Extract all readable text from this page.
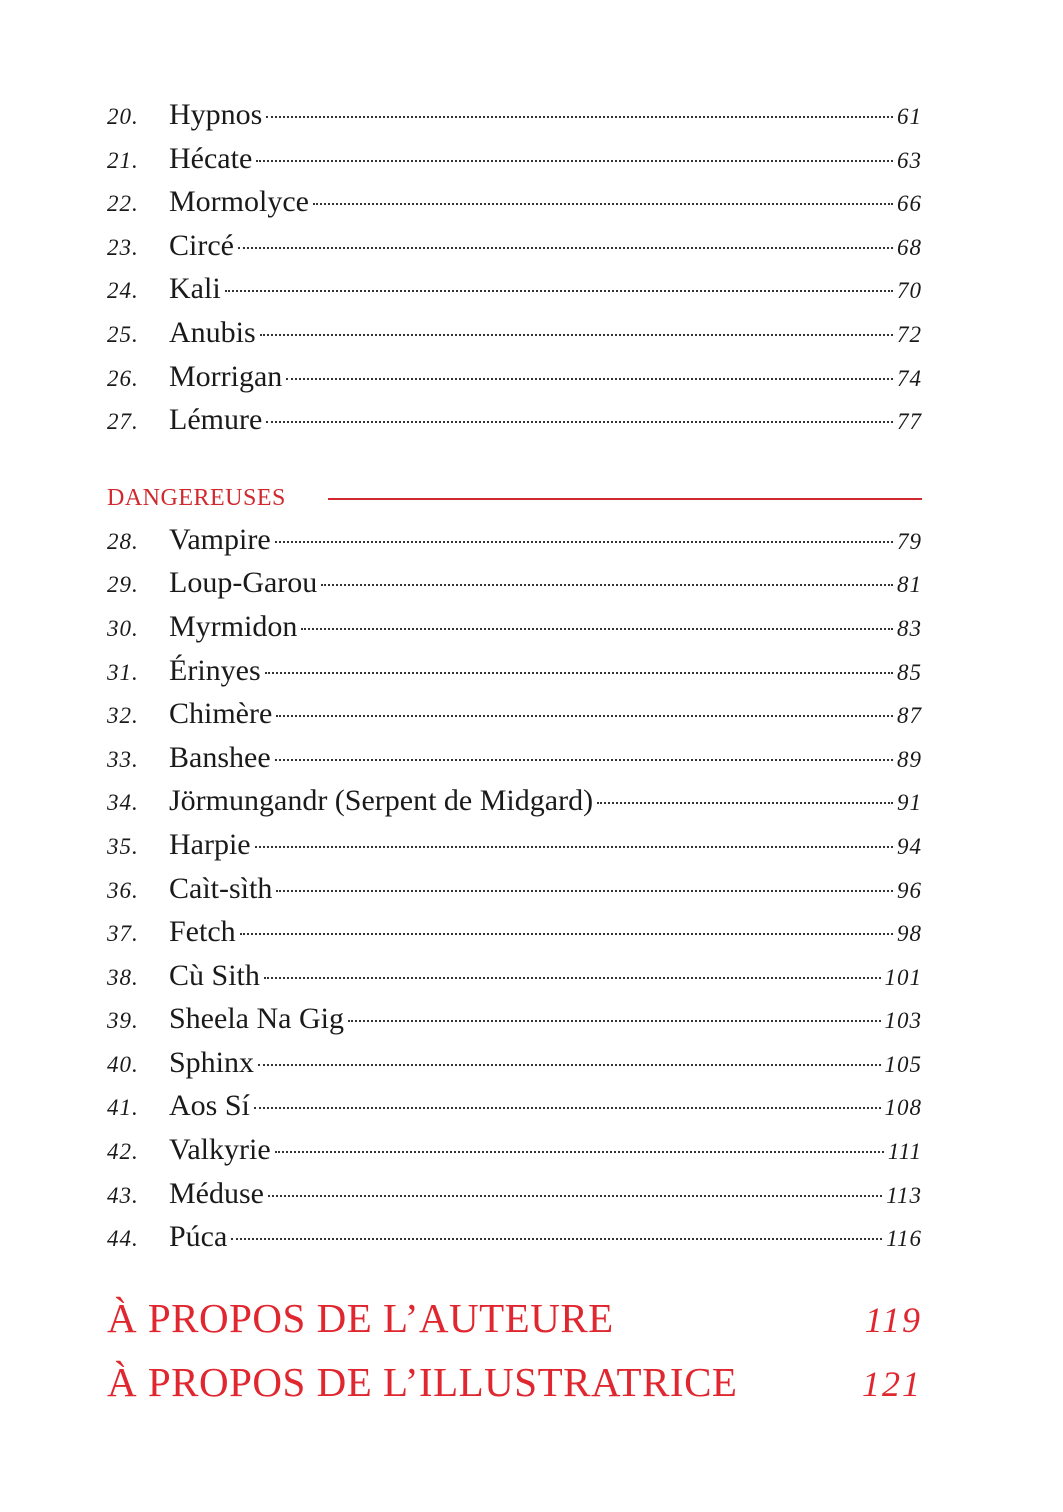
20.	Hypnos	61
21.	Hécate	63
22.	Mormolyce	66
23.	Circé	68
24.	Kali	70
25.	Anubis	72
26.	Morrigan	74
27.	Lémure	77
DANGEREUSES
28.	Vampire	79
29.	Loup-Garou	81
30.	Myrmidon	83
31.	Érinyes	85
32.	Chimère	87
33.	Banshee	89
34.	Jörmungandr (Serpent de Midgard)	91
35.	Harpie	94
36.	Caìt-sìth	96
37.	Fetch	98
38.	Cù Sith	101
39.	Sheela Na Gig	103
40.	Sphinx	105
41.	Aos Sí	108
42.	Valkyrie	111
43.	Méduse	113
44.	Púca	116
À PROPOS DE L’AUTEURE	119
À PROPOS DE L’ILLUSTRATRICE	121
